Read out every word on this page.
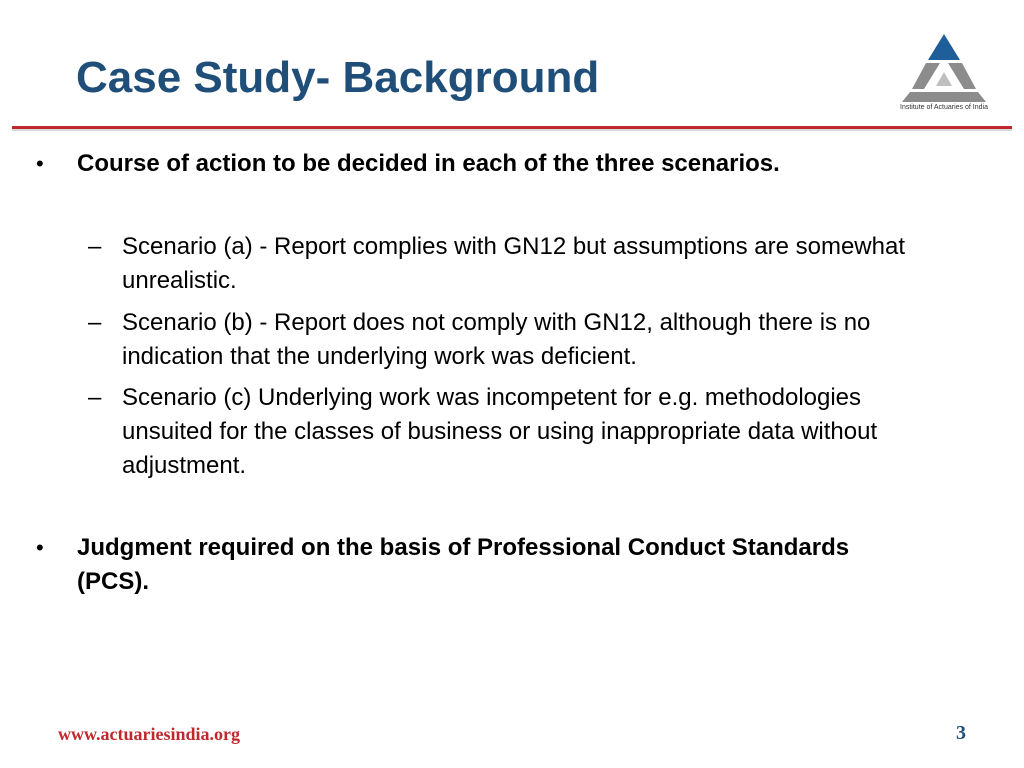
Case Study- Background
Institute of Actuaries of India
• Course of action to be decided in each of the three scenarios.
– Scenario (a) - Report complies with GN12 but assumptions are somewhat unrealistic.
– Scenario (b) - Report does not comply with GN12, although there is no indication that the underlying work was deficient.
– Scenario (c) Underlying work was incompetent for e.g. methodologies unsuited for the classes of business or using inappropriate data without adjustment.
• Judgment required on the basis of Professional Conduct Standards (PCS).
www.actuariesindia.org	3
